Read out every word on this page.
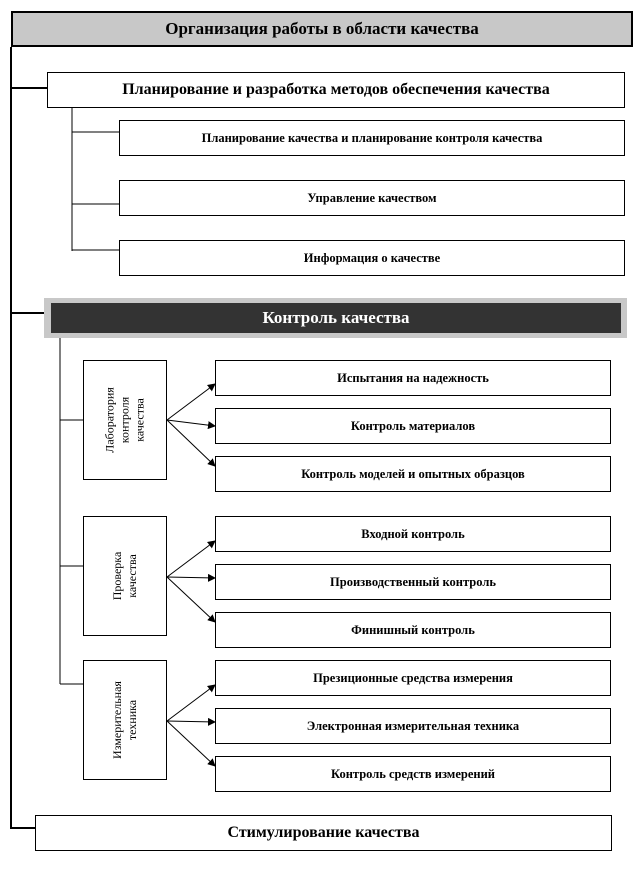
Организация работы в области качества
Планирование и разработка методов обеспечения качества
Планирование качества и планирование контроля качества
Управление качеством
Информация о качестве
Контроль качества
Лаборатория контроля качества
Испытания на надежность
Контроль материалов
Контроль моделей и опытных образцов
Проверка качества
Входной контроль
Производственный контроль
Финишный контроль
Измерительная техника
Презиционные средства измерения
Электронная измерительная техника
Контроль средств измерений
Стимулирование качества
